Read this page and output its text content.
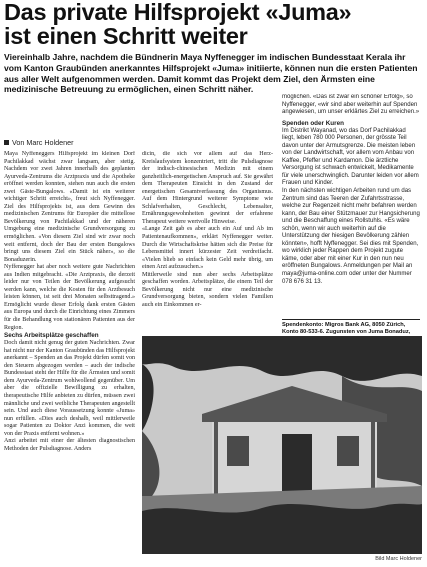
Das private Hilfsprojekt «Juma»
ist einen Schritt weiter

Viereinhalb Jahre, nachdem die Bündnerin Maya Nyffenegger im indischen Bundesstaat Kerala ihr vom Kanton Graubünden anerkanntes Hilfsprojekt «Juma» initiierte, können nun die ersten Patienten aus aller Welt aufgenommen werden. Damit kommt das Projekt dem Ziel, den Ärmsten eine medizinische Betreuung zu ermöglichen, einen Schritt näher.

Von Marc Holdener

Maya Nyffeneggers Hilfsprojekt im kleinen Dorf Pachilakkad wächst zwar langsam, aber stetig. Nachdem vor zwei Jahren innerhalb des geplanten Ayurveda-Zentrums die Arztpraxis und die Apotheke eröffnet werden konnten, stehen nun auch die ersten zwei Gäste-Bungalows. «Damit ist ein weiterer wichtiger Schritt erreicht», freut sich Nyffenegger. Ziel des Hilfsprojekts ist, aus dem Gewinn des medizinischen Zentrums für Europäer die mittellose Bevölkerung von Pachilakkad und der näheren Umgebung eine medizinische Grundversorgung zu ermöglichen. «Von diesem Ziel sind wir zwar noch weit entfernt, doch der Bau der ersten Bungalows bringt uns diesem Ziel ein Stück näher», so die Bonaduzerin.

Nyffenegger hat aber noch weitere gute Nachrichten aus Indien mitgebracht. «Die Arztpraxis, die derzeit leider nur von Teilen der Bevölkerung aufgesucht werden kann, welche die Kosten für den Arztbesuch leisten können, ist seit drei Monaten selbsttragend.» Ermöglicht wurde dieser Erfolg dank ersten Gästen aus Europa und durch die Einrichtung eines Zimmers für die Behandlung von stationären Patienten aus der Region.

Sechs Arbeitsplätze geschaffen

Doch damit nicht genug der guten Nachrichten. Zwar hat nicht nur der Kanton Graubünden das Hilfsprojekt anerkannt – Spenden an das Projekt dürfen somit von den Steuern abgezogen werden – auch der indische Bundesstaat steht der Hilfe für die Ärmsten und somit dem Ayurveda-Zentrum wohlwollend gegenüber. Um aber die offizielle Bewilligung zu erhalten, therapeutische Hilfe anbieten zu dürfen, müssen zwei männliche und zwei weibliche Therapeuten angestellt sein. Und auch diese Voraussetzung konnte «Juma» nun erfüllen. «Dies auch deshalb, weil mittlerweile sogar Patienten zu Doktor Anzi kommen, die weit von der Praxis entfernt wohnen.»

Anzi arbeitet mit einer der ältesten diagnostischen Methoden der Pulsdiagnose. Anders

dicin, die sich vor allem auf das Herz-Kreislaufsystem konzentriert, tritt die Pulsdiagnose der indisch-chinesischen Medizin mit einem ganzheitlich-energetischen Anspruch auf. Sie gewährt dem Therapeuten Einsicht in den Zustand der energetischen Gesamtverfassung des Organismus. Auf dem Hintergrund weiterer Symptome wie Schlafverhalten, Geschlecht, Lebensalter, Ernährungsgewohnheiten gewinnt der erfahrene Therapeut weitere wertvolle Hinweise.

«Lange Zeit gab es aber auch ein Auf und Ab im Patientenaufkommen», erklärt Nyffenegger weiter. Durch die Wirtschaftskrise hätten sich die Preise für Lebensmittel innert kürzester Zeit verdreifacht. «Vielen blieb so einfach kein Geld mehr übrig, um einen Arzt aufzusuchen.»

Mittlerweile sind nun aber sechs Arbeitsplätze geschaffen worden. Arbeitsplätze, die einem Teil der Bevölkerung nicht nur eine medizinische Grundversorgung bieten, sondern vielen Familien auch ein Einkommen er-

möglichen. «Das ist zwar ein schöner Erfolg», so Nyffenegger, «wir sind aber weiterhin auf Spenden angewiesen, um unser erklärtes Ziel zu erreichen.»

Spenden oder Kuren

Im Distrikt Wayanad, wo das Dorf Pachilakkad liegt, leben 780 000 Personen, der grösste Teil davon unter der Armutsgrenze. Die meisten leben von der Landwirtschaft, vor allem vom Anbau von Kaffee, Pfeffer und Kardamon. Die ärztliche Versorgung ist schwach entwickelt, Medikamente für viele unerschwinglich. Darunter leiden vor allem Frauen und Kinder.

In den nächsten wichtigen Arbeiten rund um das Zentrum sind das Teeren der Zufahrtsstrasse, welche zur Regenzeit nicht mehr befahren werden kann, der Bau einer Stützmauer zur Hangsicherung und die Beschaffung eines Rollstuhls. «Es wäre schön, wenn wir auch weiterhin auf die Unterstützung der hiesigen Bevölkerung zählen könnten», hofft Nyffenegger. Sei dies mit Spenden, wo wirklich jeder Rappen dem Projekt zugute käme, oder aber mit einer Kur in den nun neu eröffneten Bungalows. Anmeldungen per Mail an maya@juma-online.com oder unter der Nummer 078 676 31 13.

Spendenkonto: Migros Bank AG, 8050 Zürich, Konto 80-533-6. Zugunsten von Juma Bonaduz,

Bild Marc Holdener
